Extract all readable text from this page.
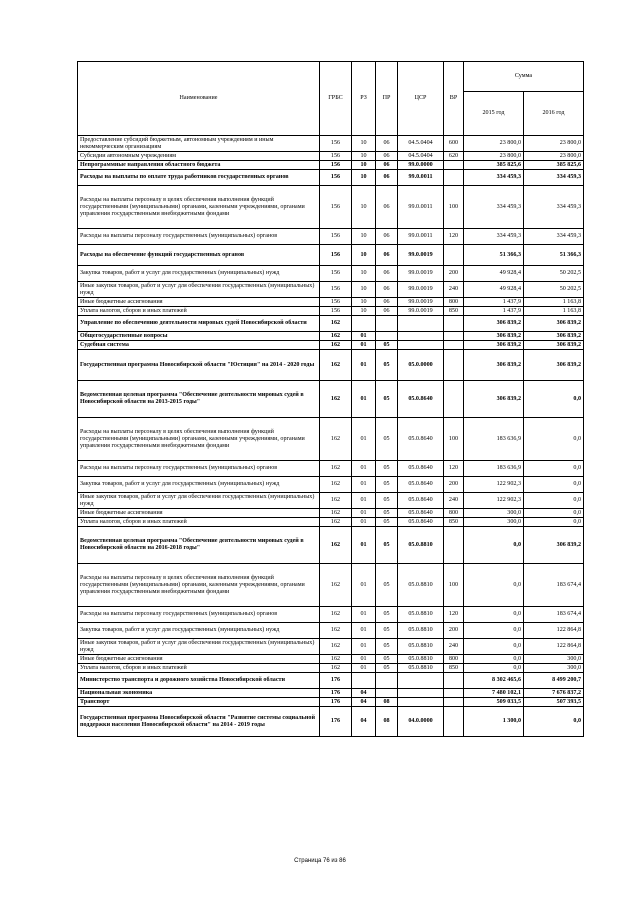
Наименование	ГРБС	РЗ	ПР	ЦСР	ВР	Сумма	
						2015 год	2016 год
Предоставление субсидий бюджетным, автономным учреждениям и иным некоммерческим организациям	156	10	06	04.5.0404	600	23 800,0	23 800,0
Субсидии автономным учреждениям	156	10	06	04.5.0404	620	23 800,0	23 800,0
Непрограммные направления областного бюджета	156	10	06	99.0.0000		385 825,6	385 825,6
Расходы на выплаты по оплате труда работников государственных органов	156	10	06	99.0.0011		334 459,3	334 459,3
Расходы на выплаты персоналу в целях обеспечения выполнения функций государственными (муниципальными) органами, казенными учреждениями, органами управления государственными внебюджетными фондами	156	10	06	99.0.0011	100	334 459,3	334 459,3
Расходы на выплаты персоналу государственных (муниципальных) органов	156	10	06	99.0.0011	120	334 459,3	334 459,3
Расходы на обеспечение функций государственных органов	156	10	06	99.0.0019		51 366,3	51 366,3
Закупка товаров, работ и услуг для государственных (муниципальных) нужд	156	10	06	99.0.0019	200	49 928,4	50 202,5
Иные закупки товаров, работ и услуг для обеспечения государственных (муниципальных) нужд	156	10	06	99.0.0019	240	49 928,4	50 202,5
Иные бюджетные ассигнования	156	10	06	99.0.0019	800	1 437,9	1 163,8
Уплата налогов, сборов и иных платежей	156	10	06	99.0.0019	850	1 437,9	1 163,8
Управление по обеспечению деятельности мировых судей Новосибирской области	162					306 839,2	306 839,2
Общегосударственные вопросы	162	01				306 839,2	306 839,2
Судебная система	162	01	05			306 839,2	306 839,2
Государственная программа Новосибирской области "Юстиция" на 2014 - 2020 годы	162	01	05	05.0.0000		306 839,2	306 839,2
Ведомственная целевая программа "Обеспечение деятельности мировых судей в Новосибирской области на 2013-2015 годы"	162	01	05	05.0.8640		306 839,2	0,0
Расходы на выплаты персоналу в целях обеспечения выполнения функций государственными (муниципальными) органами, казенными учреждениями, органами управления государственными внебюджетными фондами	162	01	05	05.0.8640	100	183 636,9	0,0
Расходы на выплаты персоналу государственных (муниципальных) органов	162	01	05	05.0.8640	120	183 636,9	0,0
Закупка товаров, работ и услуг для государственных (муниципальных) нужд	162	01	05	05.0.8640	200	122 902,3	0,0
Иные закупки товаров, работ и услуг для обеспечения государственных (муниципальных) нужд	162	01	05	05.0.8640	240	122 902,3	0,0
Иные бюджетные ассигнования	162	01	05	05.0.8640	800	300,0	0,0
Уплата налогов, сборов и иных платежей	162	01	05	05.0.8640	850	300,0	0,0
Ведомственная целевая программа "Обеспечение деятельности мировых судей в Новосибирской области на 2016-2018 годы"	162	01	05	05.0.8810		0,0	306 839,2
Расходы на выплаты персоналу в целях обеспечения выполнения функций государственными (муниципальными) органами, казенными учреждениями, органами управления государственными внебюджетными фондами	162	01	05	05.0.8810	100	0,0	183 674,4
Расходы на выплаты персоналу государственных (муниципальных) органов	162	01	05	05.0.8810	120	0,0	183 674,4
Закупка товаров, работ и услуг для государственных (муниципальных) нужд	162	01	05	05.0.8810	200	0,0	122 864,8
Иные закупки товаров, работ и услуг для обеспечения государственных (муниципальных) нужд	162	01	05	05.0.8810	240	0,0	122 864,8
Иные бюджетные ассигнования	162	01	05	05.0.8810	800	0,0	300,0
Уплата налогов, сборов и иных платежей	162	01	05	05.0.8810	850	0,0	300,0
Министерство транспорта и дорожного хозяйства Новосибирской области	176					8 302 465,6	8 499 200,7
Национальная экономика	176	04				7 480 102,1	7 676 837,2
Транспорт	176	04	08			509 033,5	507 393,5
Государственная программа Новосибирской области "Развитие системы социальной поддержки населения Новосибирской области" на 2014 - 2019 годы	176	04	08	04.0.0000		1 300,0	0,0
Страница 76 из 86
